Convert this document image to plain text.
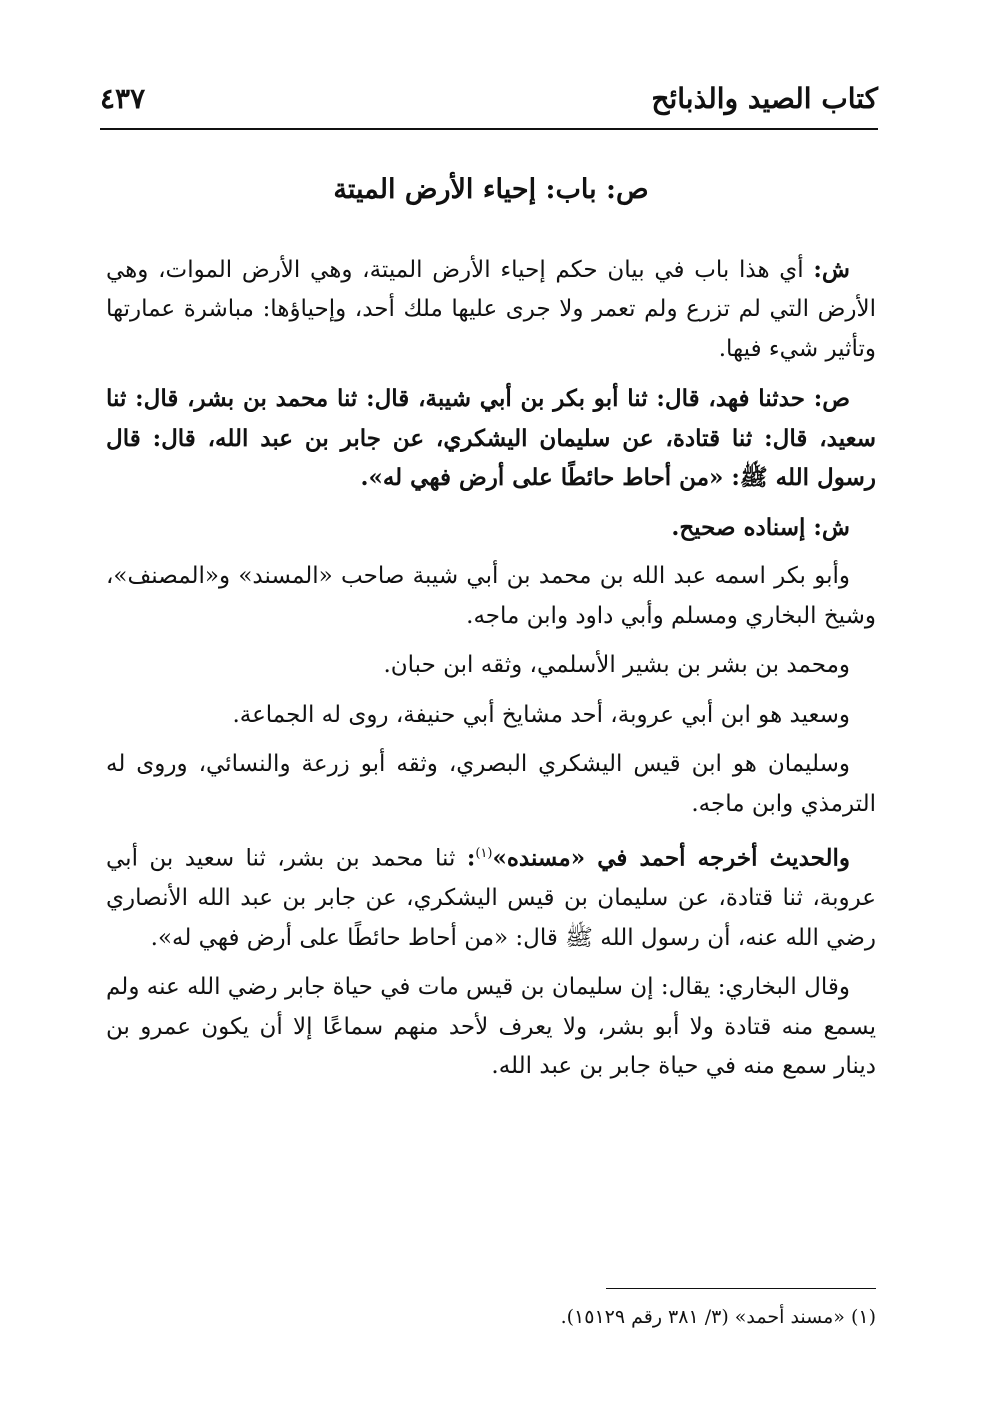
كتاب الصيد والذبائح
٤٣٧

ص: باب: إحياء الأرض الميتة

ش: أي هذا باب في بيان حكم إحياء الأرض الميتة، وهي الأرض الموات، وهي الأرض التي لم تزرع ولم تعمر ولا جرى عليها ملك أحد، وإحياؤها: مباشرة عمارتها وتأثير شيء فيها.

ص: حدثنا فهد، قال: ثنا أبو بكر بن أبي شيبة، قال: ثنا محمد بن بشر، قال: ثنا سعيد، قال: ثنا قتادة، عن سليمان اليشكري، عن جابر بن عبد الله، قال: قال رسول الله ﷺ: «من أحاط حائطًا على أرض فهي له».

ش: إسناده صحيح.

وأبو بكر اسمه عبد الله بن محمد بن أبي شيبة صاحب «المسند» و«المصنف»، وشيخ البخاري ومسلم وأبي داود وابن ماجه.

ومحمد بن بشر بن بشير الأسلمي، وثقه ابن حبان.

وسعيد هو ابن أبي عروبة، أحد مشايخ أبي حنيفة، روى له الجماعة.

وسليمان هو ابن قيس اليشكري البصري، وثقه أبو زرعة والنسائي، وروى له الترمذي وابن ماجه.

والحديث أخرجه أحمد في «مسنده»$^{(١)}$: ثنا محمد بن بشر، ثنا سعيد بن أبي عروبة، ثنا قتادة، عن سليمان بن قيس اليشكري، عن جابر بن عبد الله الأنصاري رضي الله عنه، أن رسول الله ﷺ قال: «من أحاط حائطًا على أرض فهي له».

وقال البخاري: يقال: إن سليمان بن قيس مات في حياة جابر رضي الله عنه ولم يسمع منه قتادة ولا أبو بشر، ولا يعرف لأحد منهم سماعًا إلا أن يكون عمرو بن دينار سمع منه في حياة جابر بن عبد الله.

(١) «مسند أحمد» (٣/ ٣٨١ رقم ١٥١٢٩).
